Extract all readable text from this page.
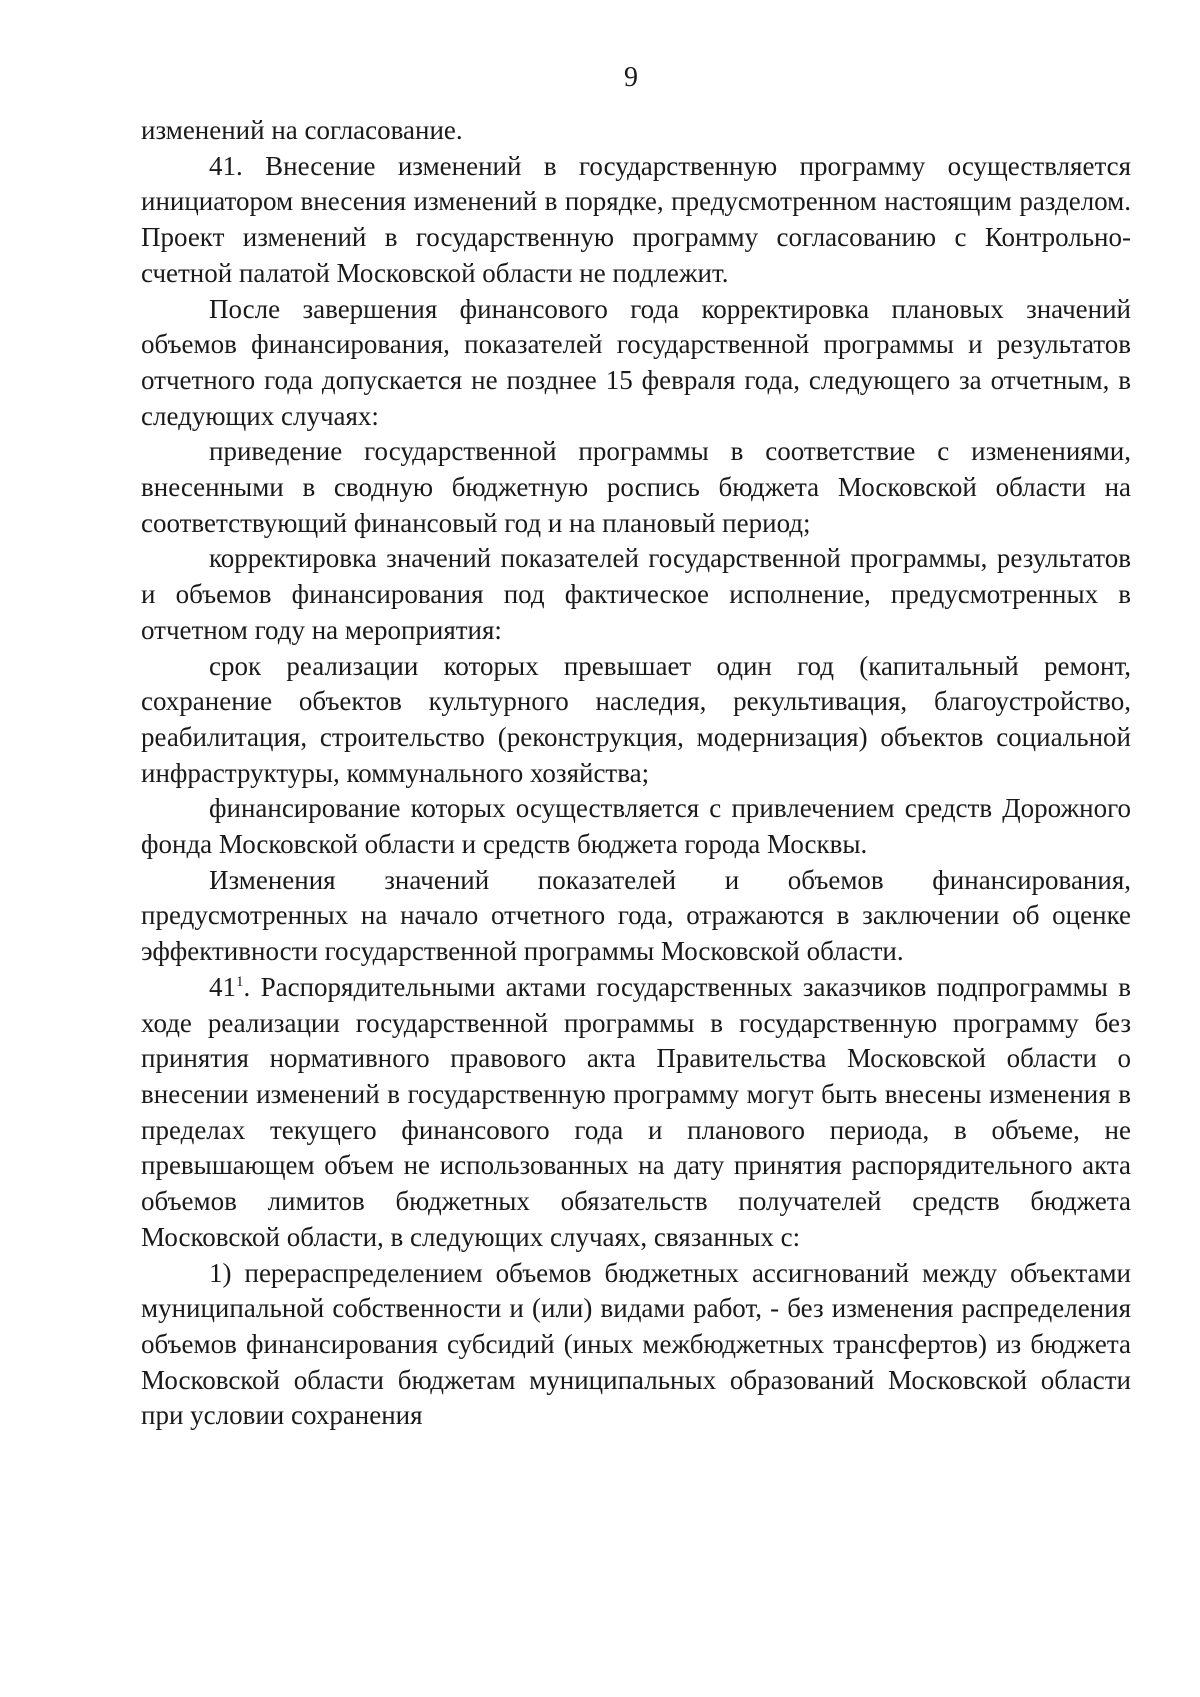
9

изменений на согласование.

41. Внесение изменений в государственную программу осуществляется инициатором внесения изменений в порядке, предусмотренном настоящим разделом. Проект изменений в государственную программу согласованию с Контрольно-счетной палатой Московской области не подлежит.

После завершения финансового года корректировка плановых значений объемов финансирования, показателей государственной программы и результатов отчетного года допускается не позднее 15 февраля года, следующего за отчетным, в следующих случаях:

приведение государственной программы в соответствие с изменениями, внесенными в сводную бюджетную роспись бюджета Московской области на соответствующий финансовый год и на плановый период;

корректировка значений показателей государственной программы, результатов и объемов финансирования под фактическое исполнение, предусмотренных в отчетном году на мероприятия:

срок реализации которых превышает один год (капитальный ремонт, сохранение объектов культурного наследия, рекультивация, благоустройство, реабилитация, строительство (реконструкция, модернизация) объектов социальной инфраструктуры, коммунального хозяйства;

финансирование которых осуществляется с привлечением средств Дорожного фонда Московской области и средств бюджета города Москвы.

Изменения значений показателей и объемов финансирования, предусмотренных на начало отчетного года, отражаются в заключении об оценке эффективности государственной программы Московской области.

$41^1$. Распорядительными актами государственных заказчиков подпрограммы в ходе реализации государственной программы в государственную программу без принятия нормативного правового акта Правительства Московской области о внесении изменений в государственную программу могут быть внесены изменения в пределах текущего финансового года и планового периода, в объеме, не превышающем объем не использованных на дату принятия распорядительного акта объемов лимитов бюджетных обязательств получателей средств бюджета Московской области, в следующих случаях, связанных с:

1) перераспределением объемов бюджетных ассигнований между объектами муниципальной собственности и (или) видами работ, - без изменения распределения объемов финансирования субсидий (иных межбюджетных трансфертов) из бюджета Московской области бюджетам муниципальных образований Московской области при условии сохранения
